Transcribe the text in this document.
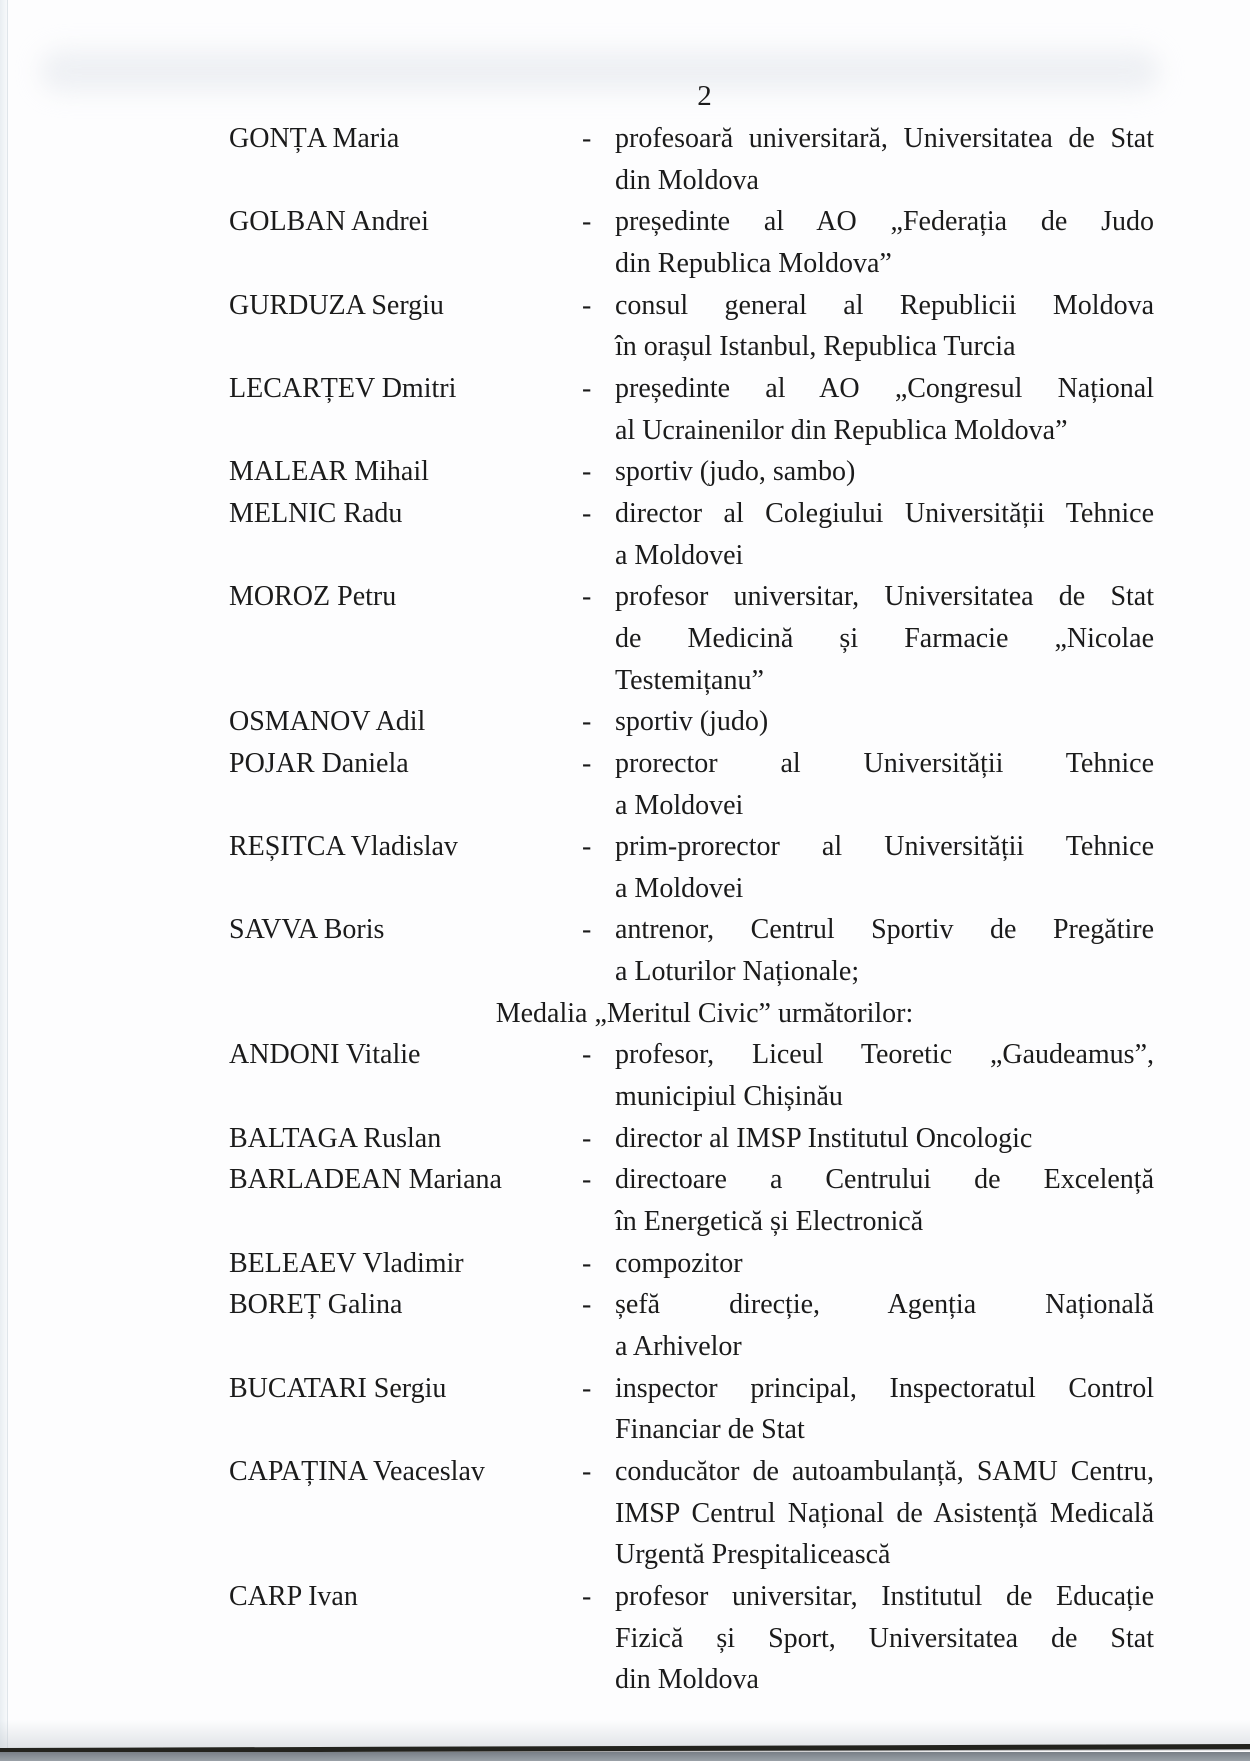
2
GONȚA Maria	- profesoară universitară, Universitatea de Stat
din Moldova
GOLBAN Andrei	- președinte al AO „Federația de Judo
din Republica Moldova”
GURDUZA Sergiu	- consul general al Republicii Moldova
în orașul Istanbul, Republica Turcia
LECARȚEV Dmitri	- președinte al AO „Congresul Național
al Ucrainenilor din Republica Moldova”
MALEAR Mihail	- sportiv (judo, sambo)
MELNIC Radu	- director al Colegiului Universității Tehnice
a Moldovei
MOROZ Petru	- profesor universitar, Universitatea de Stat
de Medicină și Farmacie „Nicolae
Testemițanu”
OSMANOV Adil	- sportiv (judo)
POJAR Daniela	- prorector al Universității Tehnice
a Moldovei
REȘITCA Vladislav	- prim-prorector al Universității Tehnice
a Moldovei
SAVVA Boris	- antrenor, Centrul Sportiv de Pregătire
a Loturilor Naționale;
Medalia „Meritul Civic” următorilor:
ANDONI Vitalie	- profesor, Liceul Teoretic „Gaudeamus”,
municipiul Chișinău
BALTAGA Ruslan	- director al IMSP Institutul Oncologic
BARLADEAN Mariana	- directoare a Centrului de Excelență
în Energetică și Electronică
BELEAEV Vladimir	- compozitor
BOREȚ Galina	- șefă direcție, Agenția Națională
a Arhivelor
BUCATARI Sergiu	- inspector principal, Inspectoratul Control
Financiar de Stat
CAPAȚINA Veaceslav	- conducător de autoambulanță, SAMU Centru,
IMSP Centrul Național de Asistență Medicală
Urgentă Prespitalicească
CARP Ivan	- profesor universitar, Institutul de Educație
Fizică și Sport, Universitatea de Stat
din Moldova
